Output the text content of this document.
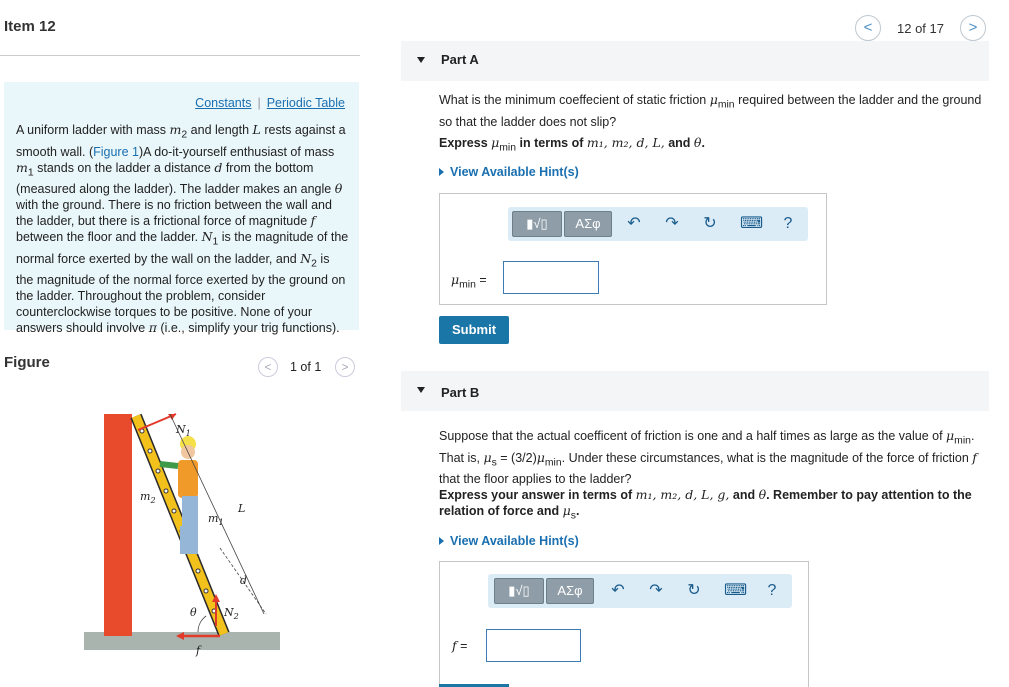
Item 12	<	12 of 17	>
Constants | Periodic Table
A uniform ladder with mass $m_2$ and length L rests against a smooth wall. (Figure 1)A do-it-yourself enthusiast of mass $m_1$ stands on the ladder a distance d from the bottom (measured along the ladder). The ladder makes an angle θ with the ground. There is no friction between the wall and the ladder, but there is a frictional force of magnitude f between the floor and the ladder. $N_1$ is the magnitude of the normal force exerted by the wall on the ladder, and $N_2$ is the magnitude of the normal force exerted by the ground on the ladder. Throughout the problem, consider counterclockwise torques to be positive. None of your answers should involve π (i.e., simplify your trig functions).
Figure	<	1 of 1	>
$N_1$
$m_2$
L
$m_1$
d
θ $N_2$
f
Part A
What is the minimum coeffecient of static friction $\mu_{min}$ required between the ladder and the ground so that the ladder does not slip?
Express $\mu_{min}$ in terms of m₁, m₂, d, L, and θ.
View Available Hint(s)
▮√▯	ΑΣφ	↶ ↷ ↻ ⌨	?
$\mu_{min}$ =
Submit
Part B
Suppose that the actual coefficent of friction is one and a half times as large as the value of $\mu_{min}$. That is, $\mu_s = (3/2)\mu_{min}$. Under these circumstances, what is the magnitude of the force of friction f that the floor applies to the ladder?
Express your answer in terms of m₁, m₂, d, L, g, and θ. Remember to pay attention to the relation of force and $\mu_s$.
View Available Hint(s)
▮√▯	ΑΣφ	↶ ↷ ↻ ⌨	?
f =
